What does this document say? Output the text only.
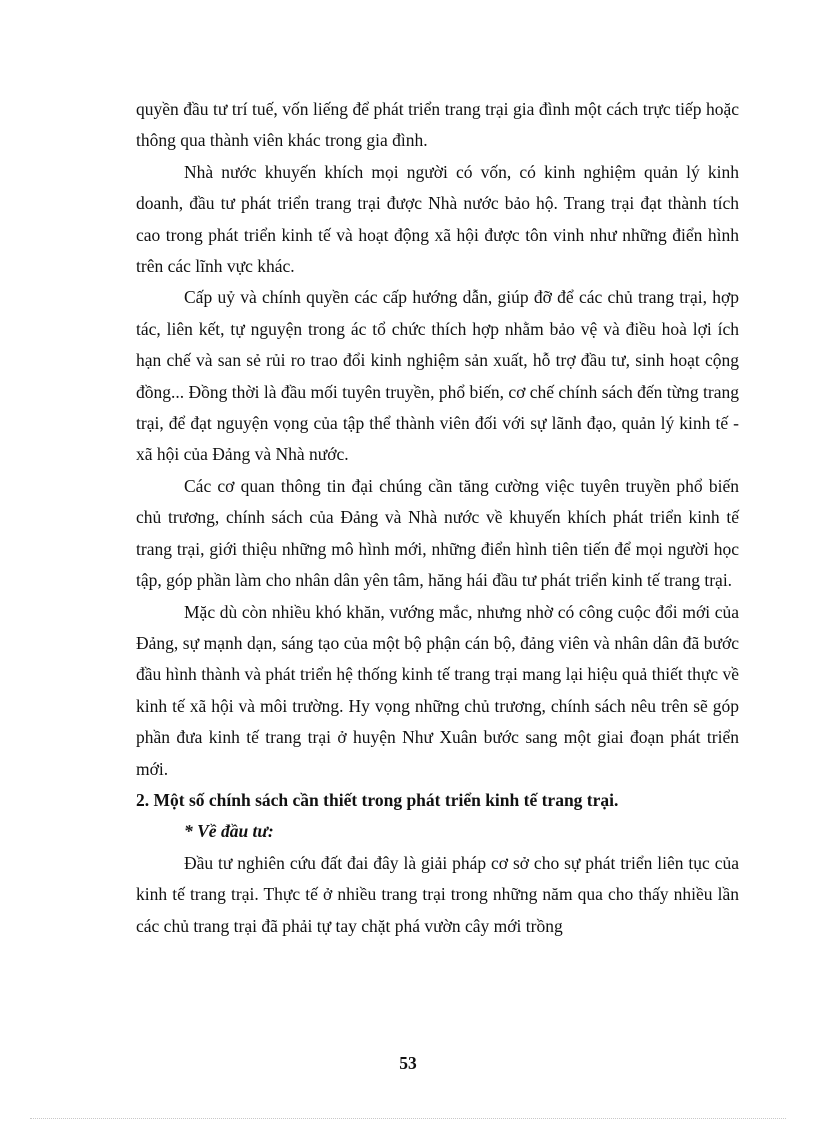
quyền đầu tư trí tuế, vốn liếng để phát triển trang trại gia đình một cách trực tiếp hoặc thông qua thành viên khác trong gia đình.

Nhà nước khuyến khích mọi người có vốn, có kinh nghiệm quản lý kinh doanh, đầu tư phát triển trang trại được Nhà nước bảo hộ. Trang trại đạt thành tích cao trong phát triển kinh tế và hoạt động xã hội được tôn vinh như những điển hình trên các lĩnh vực khác.

Cấp uỷ và chính quyền các cấp hướng dẫn, giúp đỡ để các chủ trang trại, hợp tác, liên kết, tự nguyện trong ác tổ chức thích hợp nhằm bảo vệ và điều hoà lợi ích hạn chế và san sẻ rủi ro trao đổi kinh nghiệm sản xuất, hỗ trợ đầu tư, sinh hoạt cộng đồng... Đồng thời là đầu mối tuyên truyền, phổ biến, cơ chế chính sách đến từng trang trại, để đạt nguyện vọng của tập thể thành viên đối với sự lãnh đạo, quản lý kinh tế - xã hội của Đảng và Nhà nước.

Các cơ quan thông tin đại chúng cần tăng cường việc tuyên truyền phổ biến chủ trương, chính sách của Đảng và Nhà nước về khuyến khích phát triển kinh tế trang trại, giới thiệu những mô hình mới, những điển hình tiên tiến để mọi người học tập, góp phần làm cho nhân dân yên tâm, hăng hái đầu tư phát triển kinh tế trang trại.

Mặc dù còn nhiều khó khăn, vướng mắc, nhưng nhờ có công cuộc đổi mới của Đảng, sự mạnh dạn, sáng tạo của một bộ phận cán bộ, đảng viên và nhân dân đã bước đầu hình thành và phát triển hệ thống kinh tế trang trại mang lại hiệu quả thiết thực về kinh tế xã hội và môi trường. Hy vọng những chủ trương, chính sách nêu trên sẽ góp phần đưa kinh tế trang trại ở huyện Như Xuân bước sang một giai đoạn phát triển mới.

2. Một số chính sách cần thiết trong phát triển kinh tế trang trại.
* Về đầu tư:

Đầu tư nghiên cứu đất đai đây là giải pháp cơ sở cho sự phát triển liên tục của kinh tế trang trại. Thực tế ở nhiều trang trại trong những năm qua cho thấy nhiều lần các chủ trang trại đã phải tự tay chặt phá vườn cây mới trồng

53
